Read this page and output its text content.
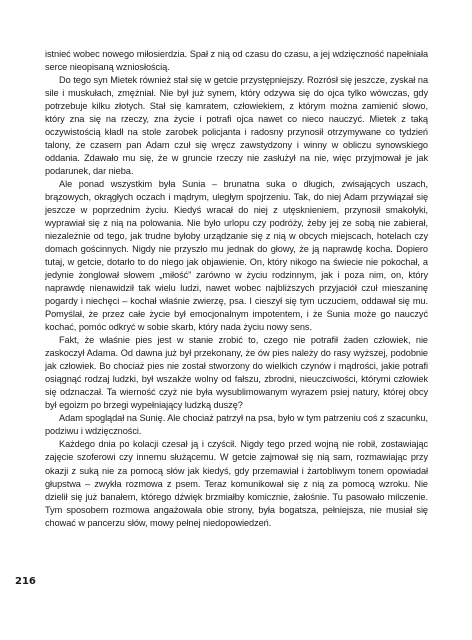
istnieć wobec nowego miłosierdzia. Spał z nią od czasu do czasu, a jej wdzięczność napełniała serce nieopisaną wzniosłością.

Do tego syn Mietek również stał się w getcie przystępniejszy. Rozrósł się jeszcze, zyskał na sile i muskułach, zmężniał. Nie był już synem, który odzywa się do ojca tylko wówczas, gdy potrzebuje kilku złotych. Stał się kamratem, człowiekiem, z którym można zamienić słowo, który zna się na rzeczy, zna życie i potrafi ojca nawet co nieco nauczyć. Mietek z taką oczywistością kładł na stole zarobek policjanta i radosny przynosił otrzymywane co tydzień talony, że czasem pan Adam czuł się wręcz zawstydzony i winny w obliczu synowskiego oddania. Zdawało mu się, że w gruncie rzeczy nie zasłużył na nie, więc przyjmował je jak podarunek, dar nieba.

Ale ponad wszystkim była Sunia – brunatna suka o długich, zwisających uszach, brązowych, okrągłych oczach i mądrym, uległym spojrzeniu. Tak, do niej Adam przywiązał się jeszcze w poprzednim życiu. Kiedyś wracał do niej z utęsknieniem, przynosił smakołyki, wyprawiał się z nią na polowania. Nie było urlopu czy podróży, żeby jej ze sobą nie zabierał, niezależnie od tego, jak trudne byłoby urządzanie się z nią w obcych miejscach, hotelach czy domach gościnnych. Nigdy nie przyszło mu jednak do głowy, że ją naprawdę kocha. Dopiero tutaj, w getcie, dotarło to do niego jak objawienie. On, który nikogo na świecie nie pokochał, a jedynie żonglował słowem „miłość” zarówno w życiu rodzinnym, jak i poza nim, on, który naprawdę nienawidził tak wielu ludzi, nawet wobec najbliższych przyjaciół czuł mieszaninę pogardy i niechęci – kochał właśnie zwierzę, psa. I cieszył się tym uczuciem, oddawał się mu. Pomyślał, że przez całe życie był emocjonalnym impotentem, i że Sunia może go nauczyć kochać, pomóc odkryć w sobie skarb, który nada życiu nowy sens.

Fakt, że właśnie pies jest w stanie zrobić to, czego nie potrafił żaden człowiek, nie zaskoczył Adama. Od dawna już był przekonany, że ów pies należy do rasy wyższej, podobnie jak człowiek. Bo chociaż pies nie został stworzony do wielkich czynów i mądrości, jakie potrafi osiągnąć rodzaj ludzki, był wszakże wolny od fałszu, zbrodni, nieuczciwości, którymi człowiek się odznaczał. Ta wierność czyż nie była wysublimowanym wyrazem psiej natury, której obcy był egoizm po brzegi wypełniający ludzką duszę?

Adam spoglądał na Sunię. Ale chociaż patrzył na psa, było w tym patrzeniu coś z szacunku, podziwu i wdzięczności.

Każdego dnia po kolacji czesał ją i czyścił. Nigdy tego przed wojną nie robił, zostawiając zajęcie szoferowi czy innemu służącemu. W getcie zajmował się nią sam, rozmawiając przy okazji z suką nie za pomocą słów jak kiedyś, gdy przemawiał i żartobliwym tonem opowiadał głupstwa – zwykła rozmowa z psem. Teraz komunikował się z nią za pomocą wzroku. Nie dzielił się już banałem, którego dźwięk brzmiałby komicznie, żałośnie. Tu pasowało milczenie. Tym sposobem rozmowa angażowała obie strony, była bogatsza, pełniejsza, nie musiał się chować w pancerzu słów, mowy pełnej niedopowiedzeń.

216
